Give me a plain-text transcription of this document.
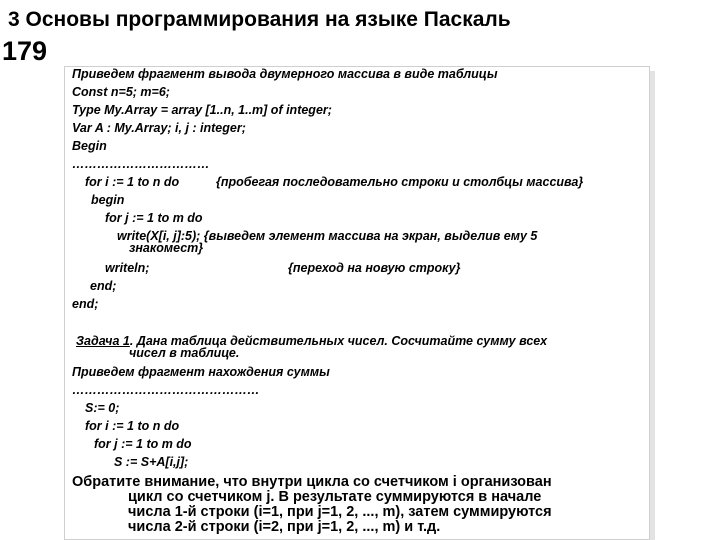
3 Основы программирования на языке Паскаль
179
Приведем фрагмент вывода двумерного массива в виде таблицы
Const n=5; m=6;
Type My.Array = array [1..n, 1..m] of integer;
Var A : My.Array; i, j : integer;
Begin
……………………………
for i := 1 to n do	{пробегая последовательно строки и столбцы массива}
begin
for j := 1 to m do
write(X[i, j]:5); {выведем элемент массива на экран, выделив ему 5
знакомест}
writeln;	{переход на новую строку}
end;
end;
Задача 1. Дана таблица действительных чисел. Сосчитайте сумму всех
чисел в таблице.
Приведем фрагмент нахождения суммы
………………………………………
S:= 0;
for i := 1 to n do
for j := 1 to m do
S := S+A[i,j];
Обратите внимание, что внутри цикла со счетчиком i организован
цикл со счетчиком j. В результате суммируются в начале
числа 1-й строки (i=1, при j=1, 2, ..., m), затем суммируются
числа 2-й строки (i=2, при j=1, 2, ..., m) и т.д.
